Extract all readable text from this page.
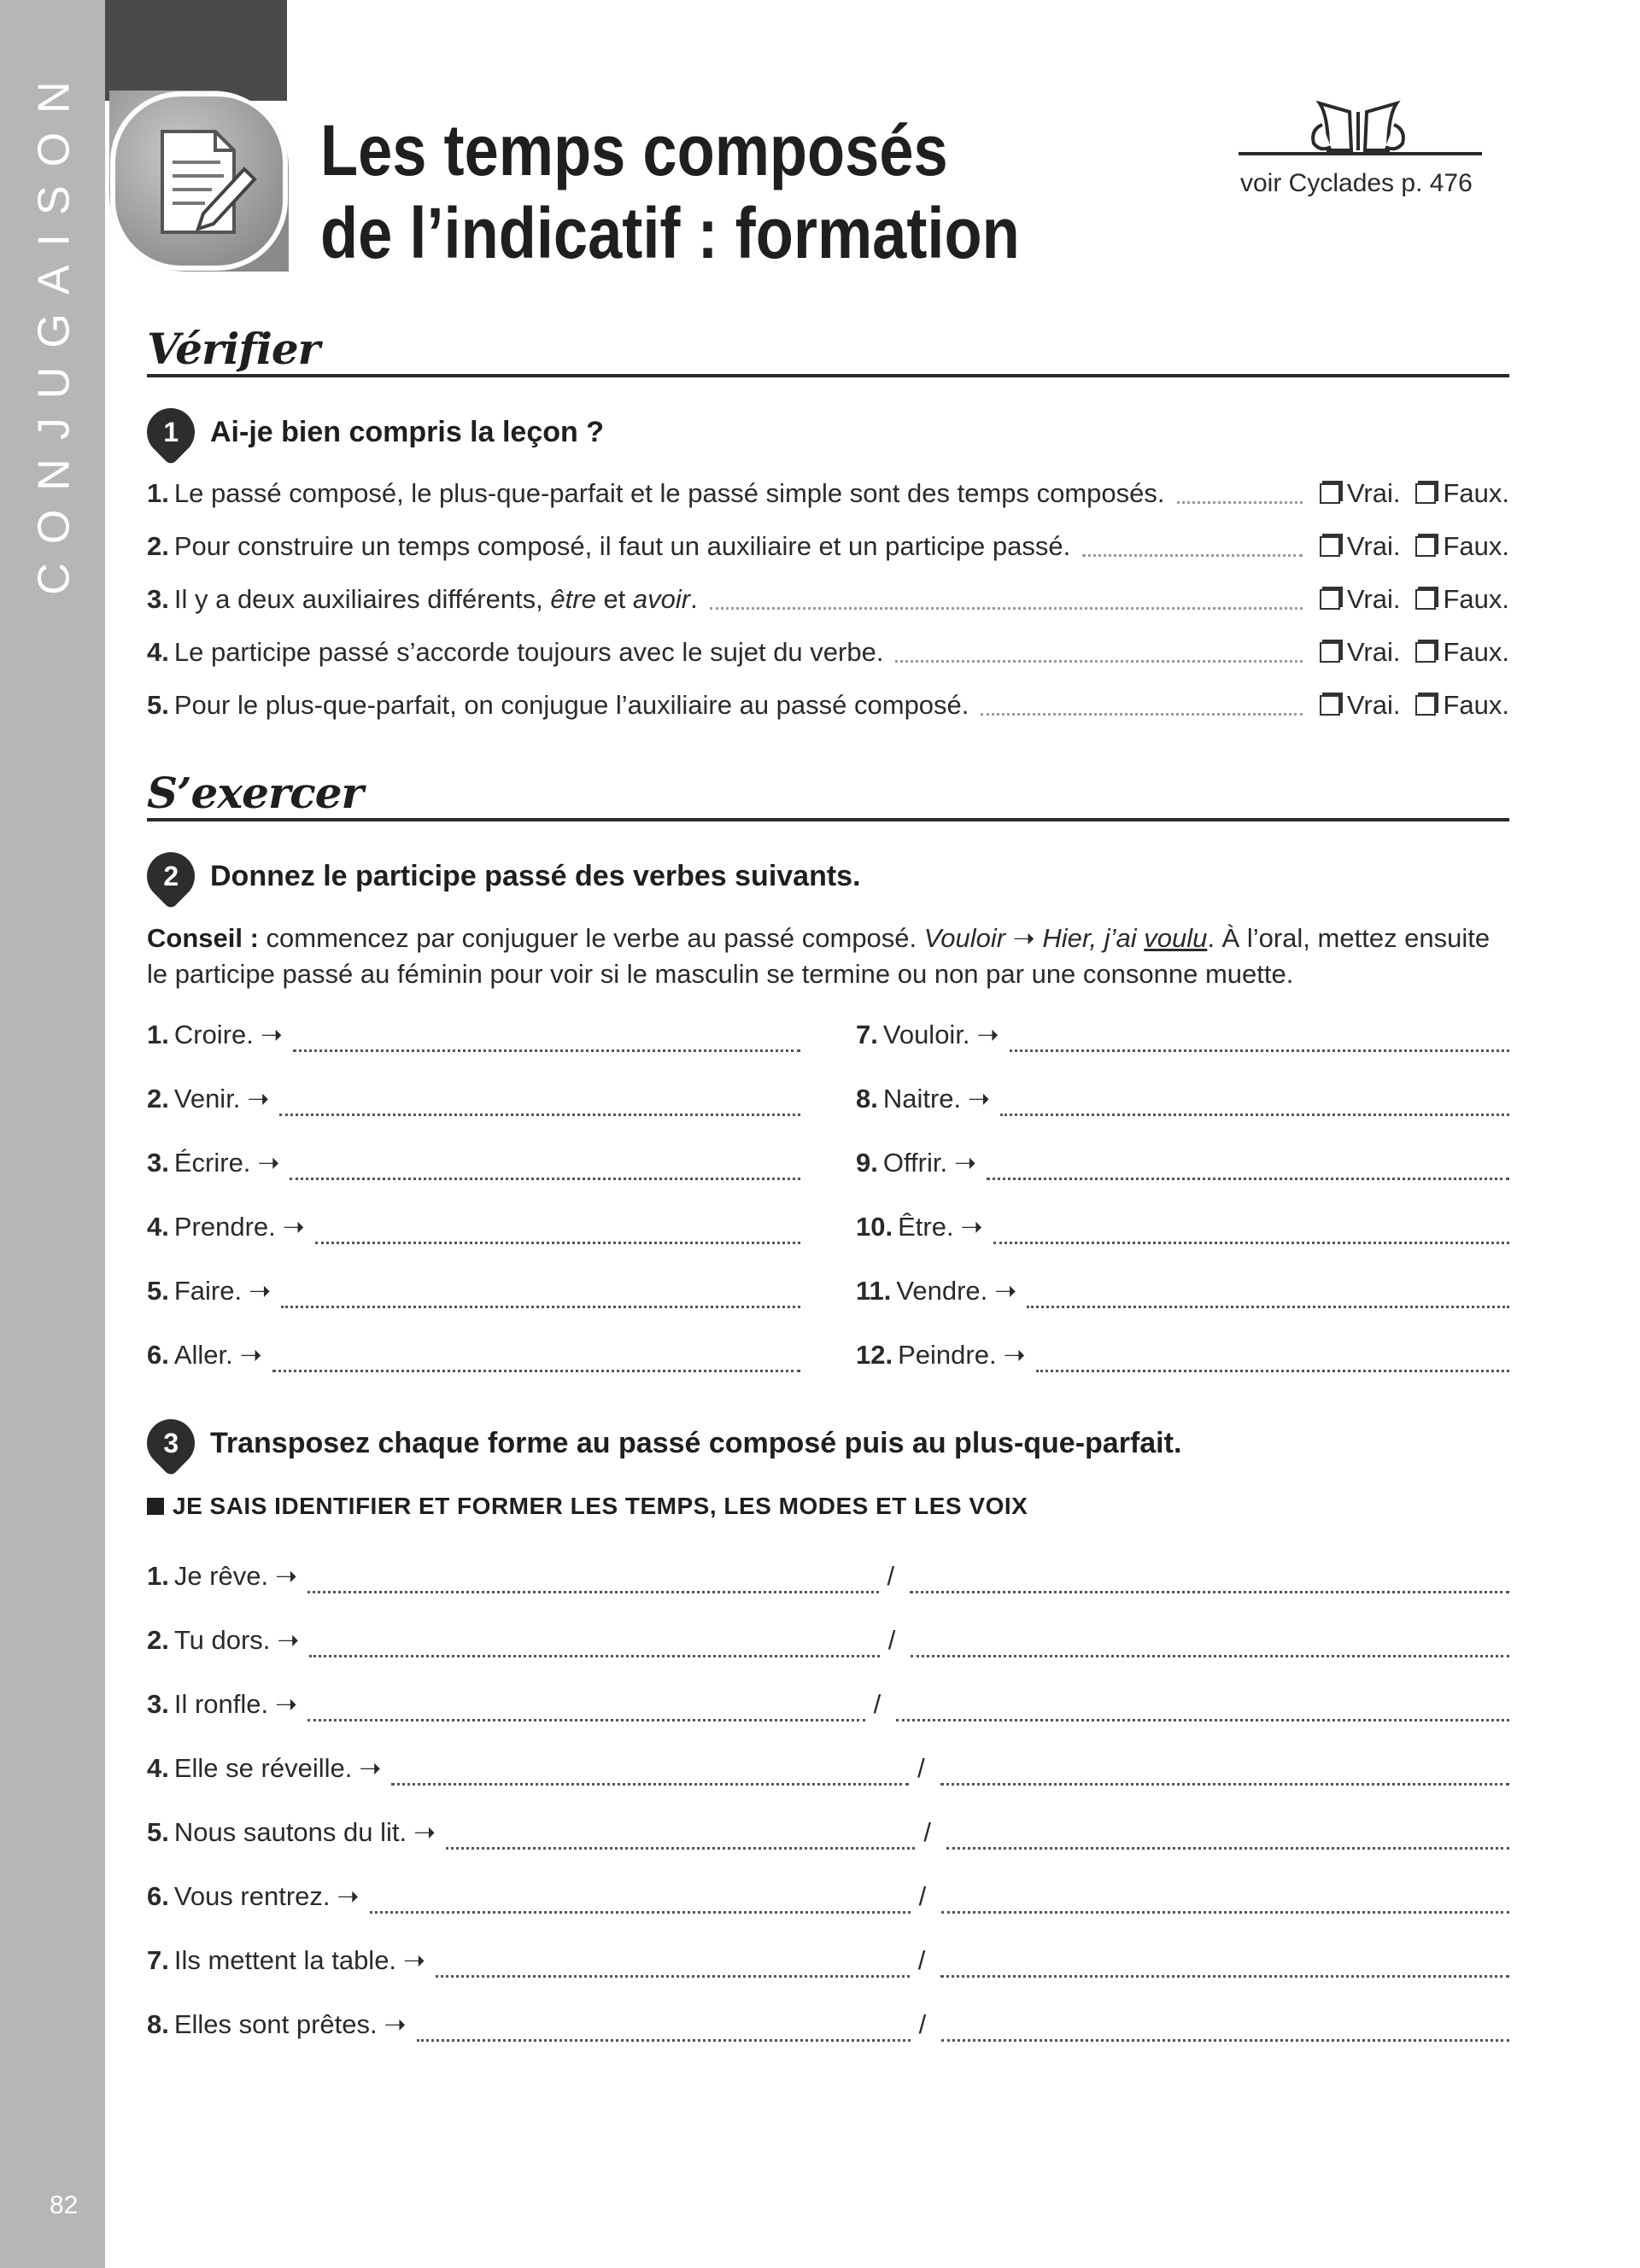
CONJUGAISON
82
Les temps composés
de l’indicatif : formation
voir Cyclades p. 476
Vérifier
1 Ai-je bien compris la leçon ?
1. Le passé composé, le plus-que-parfait et le passé simple sont des temps composés.	Vrai.	Faux.
2. Pour construire un temps composé, il faut un auxiliaire et un participe passé.	Vrai.	Faux.
3. Il y a deux auxiliaires différents, être et avoir.	Vrai.	Faux.
4. Le participe passé s’accorde toujours avec le sujet du verbe.	Vrai.	Faux.
5. Pour le plus-que-parfait, on conjugue l’auxiliaire au passé composé.	Vrai.	Faux.
S’exercer
2 Donnez le participe passé des verbes suivants.
Conseil : commencez par conjuguer le verbe au passé composé. Vouloir ➝ Hier, j’ai voulu. À l’oral, mettez ensuite le participe passé au féminin pour voir si le masculin se termine ou non par une consonne muette.
1. Croire. ➝	7. Vouloir. ➝
2. Venir. ➝	8. Naitre. ➝
3. Écrire. ➝	9. Offrir. ➝
4. Prendre. ➝	10. Être. ➝
5. Faire. ➝	11. Vendre. ➝
6. Aller. ➝	12. Peindre. ➝
3 Transposez chaque forme au passé composé puis au plus-que-parfait.
JE SAIS IDENTIFIER ET FORMER LES TEMPS, LES MODES ET LES VOIX
1. Je rêve. ➝	/
2. Tu dors. ➝	/
3. Il ronfle. ➝	/
4. Elle se réveille. ➝	/
5. Nous sautons du lit. ➝	/
6. Vous rentrez. ➝	/
7. Ils mettent la table. ➝	/
8. Elles sont prêtes. ➝	/
